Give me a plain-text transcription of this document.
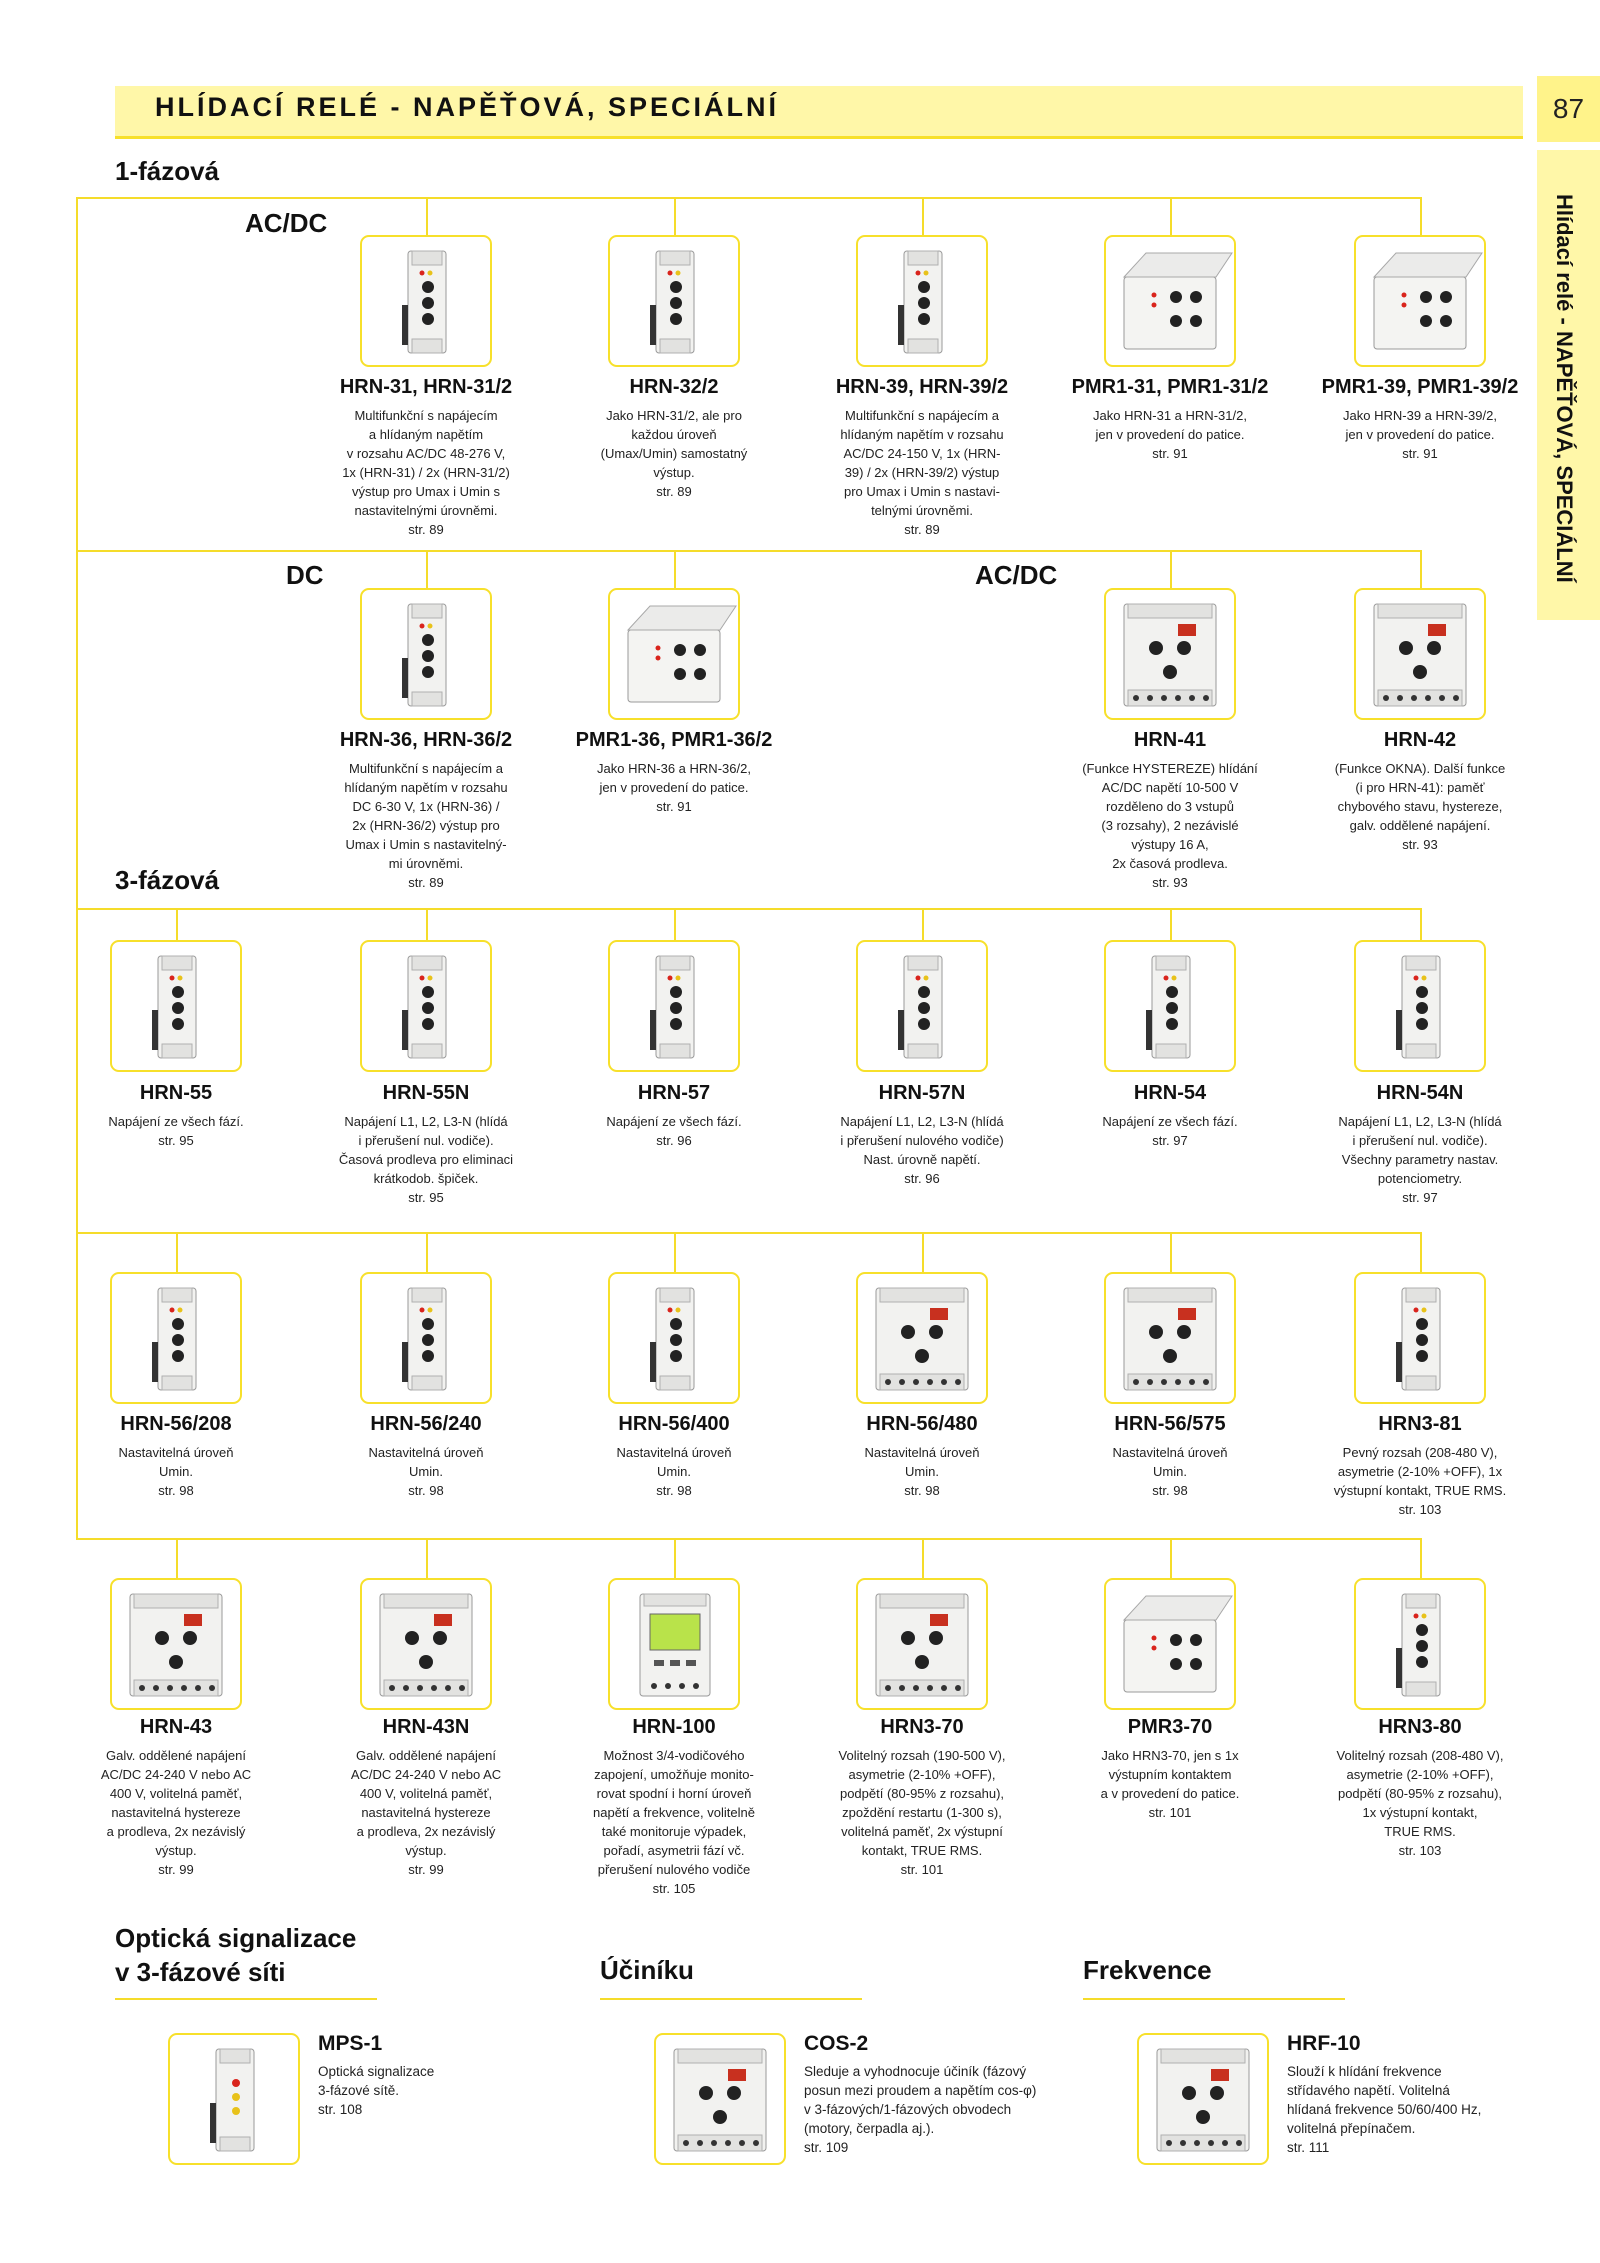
HLÍDACÍ RELÉ - NAPĚŤOVÁ, SPECIÁLNÍ	87
Hlídací relé - NAPĚŤOVÁ, SPECIÁLNÍ
1-fázová
AC/DC
DC	AC/DC
3-fázová
Optická signalizace
v 3-fázové síti	Účiníku	Frekvence
HRN-31, HRN-31/2
Multifunkční s napájecím
a hlídaným napětím
v rozsahu AC/DC 48-276 V,
1x (HRN-31) / 2x (HRN-31/2)
výstup pro Umax i Umin s
nastavitelnými úrovněmi.
str. 89
HRN-32/2
Jako HRN-31/2, ale pro
každou úroveň
(Umax/Umin) samostatný
výstup.
str. 89
HRN-39, HRN-39/2
Multifunkční s napájecím a
hlídaným napětím v rozsahu
AC/DC 24-150 V, 1x (HRN-
39) / 2x (HRN-39/2) výstup
pro Umax i Umin s nastavi-
telnými úrovněmi.
str. 89
PMR1-31, PMR1-31/2
Jako HRN-31 a HRN-31/2,
jen v provedení do patice.
str. 91
PMR1-39, PMR1-39/2
Jako HRN-39 a HRN-39/2,
jen v provedení do patice.
str. 91
HRN-36, HRN-36/2
Multifunkční s napájecím a
hlídaným napětím v rozsahu
DC 6-30 V, 1x (HRN-36) /
2x (HRN-36/2) výstup pro
Umax i Umin s nastavitelný-
mi úrovněmi.
str. 89
PMR1-36, PMR1-36/2
Jako HRN-36 a HRN-36/2,
jen v provedení do patice.
str. 91
HRN-41
(Funkce HYSTEREZE) hlídání
AC/DC napětí 10-500 V
rozděleno do 3 vstupů
(3 rozsahy), 2 nezávislé
výstupy 16 A,
2x časová prodleva.
str. 93
HRN-42
(Funkce OKNA). Další funkce
(i pro HRN-41): paměť
chybového stavu, hystereze,
galv. oddělené napájení.
str. 93
HRN-55
Napájení ze všech fází.
str. 95
HRN-55N
Napájení L1, L2, L3-N (hlídá
i přerušení nul. vodiče).
Časová prodleva pro eliminaci
krátkodob. špiček.
str. 95
HRN-57
Napájení ze všech fází.
str. 96
HRN-57N
Napájení L1, L2, L3-N (hlídá
i přerušení nulového vodiče)
Nast. úrovně napětí.
str. 96
HRN-54
Napájení ze všech fází.
str. 97
HRN-54N
Napájení L1, L2, L3-N (hlídá
i přerušení nul. vodiče).
Všechny parametry nastav.
potenciometry.
str. 97
HRN-56/208
Nastavitelná úroveň
Umin.
str. 98
HRN-56/240
Nastavitelná úroveň
Umin.
str. 98
HRN-56/400
Nastavitelná úroveň
Umin.
str. 98
HRN-56/480
Nastavitelná úroveň
Umin.
str. 98
HRN-56/575
Nastavitelná úroveň
Umin.
str. 98
HRN3-81
Pevný rozsah (208-480 V),
asymetrie (2-10% +OFF), 1x
výstupní kontakt, TRUE RMS.
str. 103
HRN-43
Galv. oddělené napájení
AC/DC 24-240 V nebo AC
400 V, volitelná paměť,
nastavitelná hystereze
a prodleva, 2x nezávislý
výstup.
str. 99
HRN-43N
Galv. oddělené napájení
AC/DC 24-240 V nebo AC
400 V, volitelná paměť,
nastavitelná hystereze
a prodleva, 2x nezávislý
výstup.
str. 99
HRN-100
Možnost 3/4-vodičového
zapojení, umožňuje monito-
rovat spodní i horní úroveň
napětí a frekvence, volitelně
také monitoruje výpadek,
pořadí, asymetrii fází vč.
přerušení nulového vodiče
str. 105
HRN3-70
Volitelný rozsah (190-500 V),
asymetrie (2-10% +OFF),
podpětí (80-95% z rozsahu),
zpoždění restartu (1-300 s),
volitelná paměť, 2x výstupní
kontakt, TRUE RMS.
str. 101
PMR3-70
Jako HRN3-70, jen s 1x
výstupním kontaktem
a v provedení do patice.
str. 101
HRN3-80
Volitelný rozsah (208-480 V),
asymetrie (2-10% +OFF),
podpětí (80-95% z rozsahu),
1x výstupní kontakt,
TRUE RMS.
str. 103
MPS-1
Optická signalizace
3-fázové sítě.
str. 108
COS-2
Sleduje a vyhodnocuje účiník (fázový
posun mezi proudem a napětím cos-φ)
v 3-fázových/1-fázových obvodech
(motory, čerpadla aj.).
str. 109
HRF-10
Slouží k hlídání frekvence
střídavého napětí. Volitelná
hlídaná frekvence 50/60/400 Hz,
volitelná přepínačem.
str. 111
